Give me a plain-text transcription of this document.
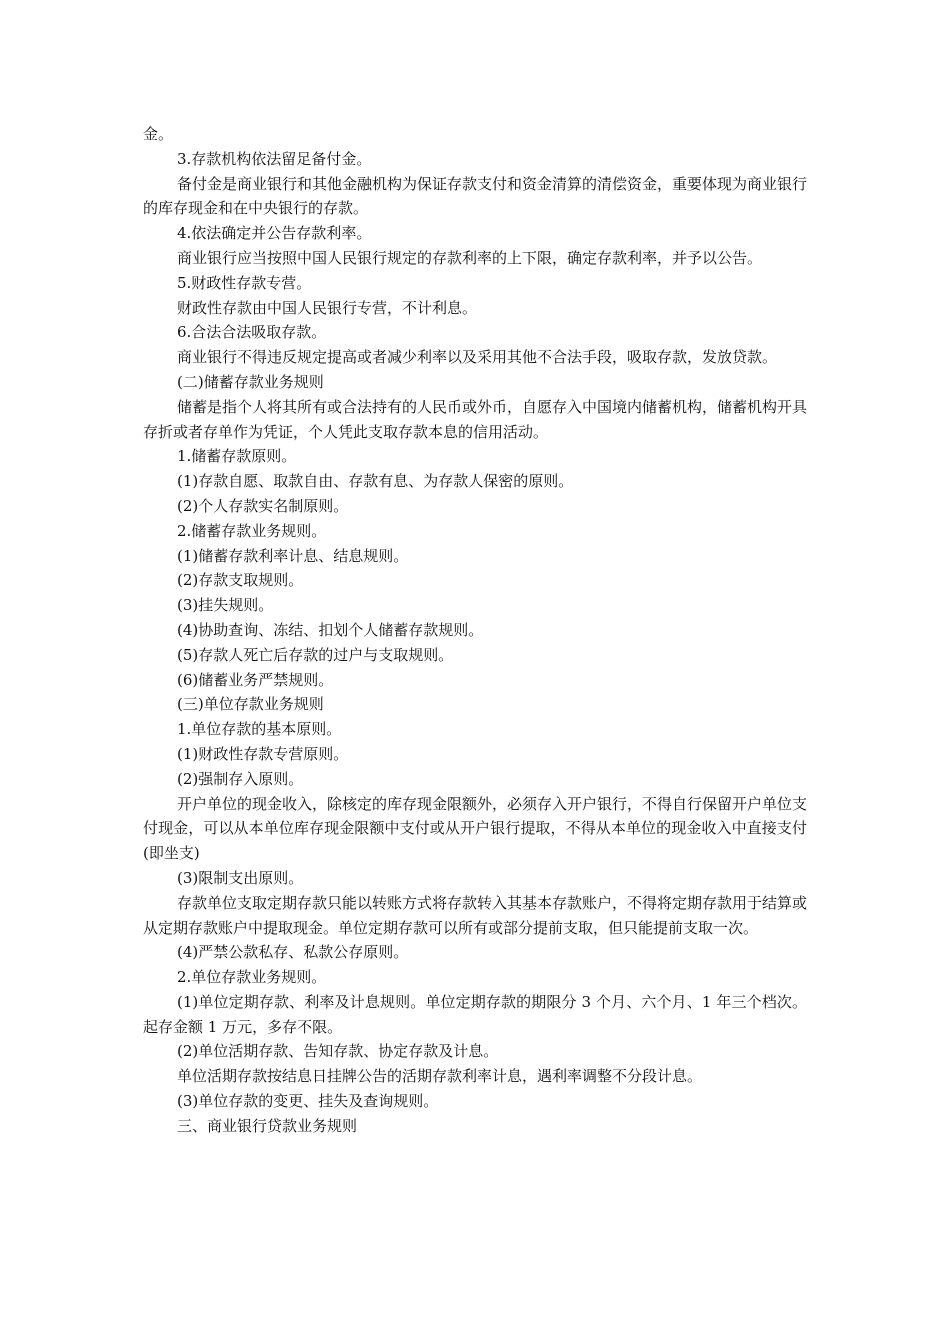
金。

3.存款机构依法留足备付金。

备付金是商业银行和其他金融机构为保证存款支付和资金清算的清偿资金，重要体现为商业银行的库存现金和在中央银行的存款。

4.依法确定并公告存款利率。

商业银行应当按照中国人民银行规定的存款利率的上下限，确定存款利率，并予以公告。

5.财政性存款专营。

财政性存款由中国人民银行专营，不计利息。

6.合法合法吸取存款。

商业银行不得违反规定提高或者减少利率以及采用其他不合法手段，吸取存款，发放贷款。

(二)储蓄存款业务规则

储蓄是指个人将其所有或合法持有的人民币或外币，自愿存入中国境内储蓄机构，储蓄机构开具存折或者存单作为凭证，个人凭此支取存款本息的信用活动。

1.储蓄存款原则。

(1)存款自愿、取款自由、存款有息、为存款人保密的原则。

(2)个人存款实名制原则。

2.储蓄存款业务规则。

(1)储蓄存款利率计息、结息规则。

(2)存款支取规则。

(3)挂失规则。

(4)协助查询、冻结、扣划个人储蓄存款规则。

(5)存款人死亡后存款的过户与支取规则。

(6)储蓄业务严禁规则。

(三)单位存款业务规则

1.单位存款的基本原则。

(1)财政性存款专营原则。

(2)强制存入原则。

开户单位的现金收入，除核定的库存现金限额外，必须存入开户银行，不得自行保留开户单位支付现金，可以从本单位库存现金限额中支付或从开户银行提取，不得从本单位的现金收入中直接支付(即坐支)

(3)限制支出原则。

存款单位支取定期存款只能以转账方式将存款转入其基本存款账户，不得将定期存款用于结算或从定期存款账户中提取现金。单位定期存款可以所有或部分提前支取，但只能提前支取一次。

(4)严禁公款私存、私款公存原则。

2.单位存款业务规则。

(1)单位定期存款、利率及计息规则。单位定期存款的期限分 3 个月、六个月、1 年三个档次。起存金额 1 万元，多存不限。

(2)单位活期存款、告知存款、协定存款及计息。

单位活期存款按结息日挂牌公告的活期存款利率计息，遇利率调整不分段计息。

(3)单位存款的变更、挂失及查询规则。

三、商业银行贷款业务规则
